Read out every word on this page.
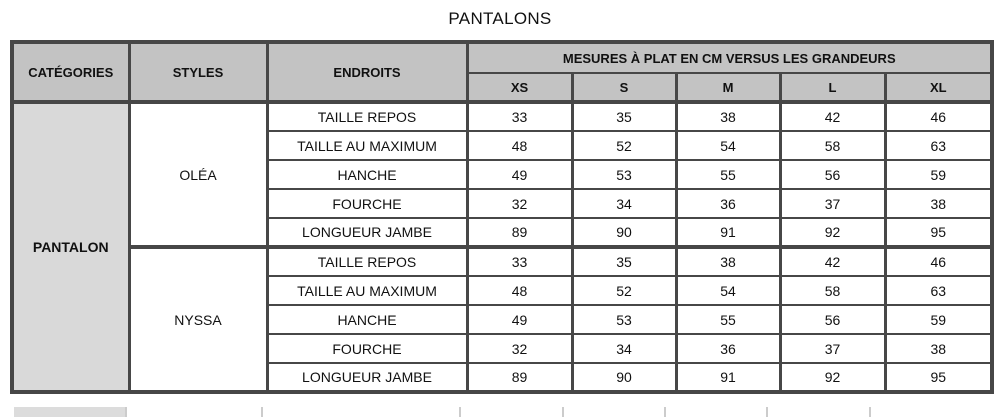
PANTALONS
CATÉGORIES	STYLES	ENDROITS	MESURES À PLAT EN CM VERSUS LES GRANDEURS				
			XS	S	M	L	XL
PANTALON	OLÉA	TAILLE REPOS	33	35	38	42	46
		TAILLE AU MAXIMUM	48	52	54	58	63
		HANCHE	49	53	55	56	59
		FOURCHE	32	34	36	37	38
		LONGUEUR JAMBE	89	90	91	92	95
	NYSSA	TAILLE REPOS	33	35	38	42	46
		TAILLE AU MAXIMUM	48	52	54	58	63
		HANCHE	49	53	55	56	59
		FOURCHE	32	34	36	37	38
		LONGUEUR JAMBE	89	90	91	92	95
